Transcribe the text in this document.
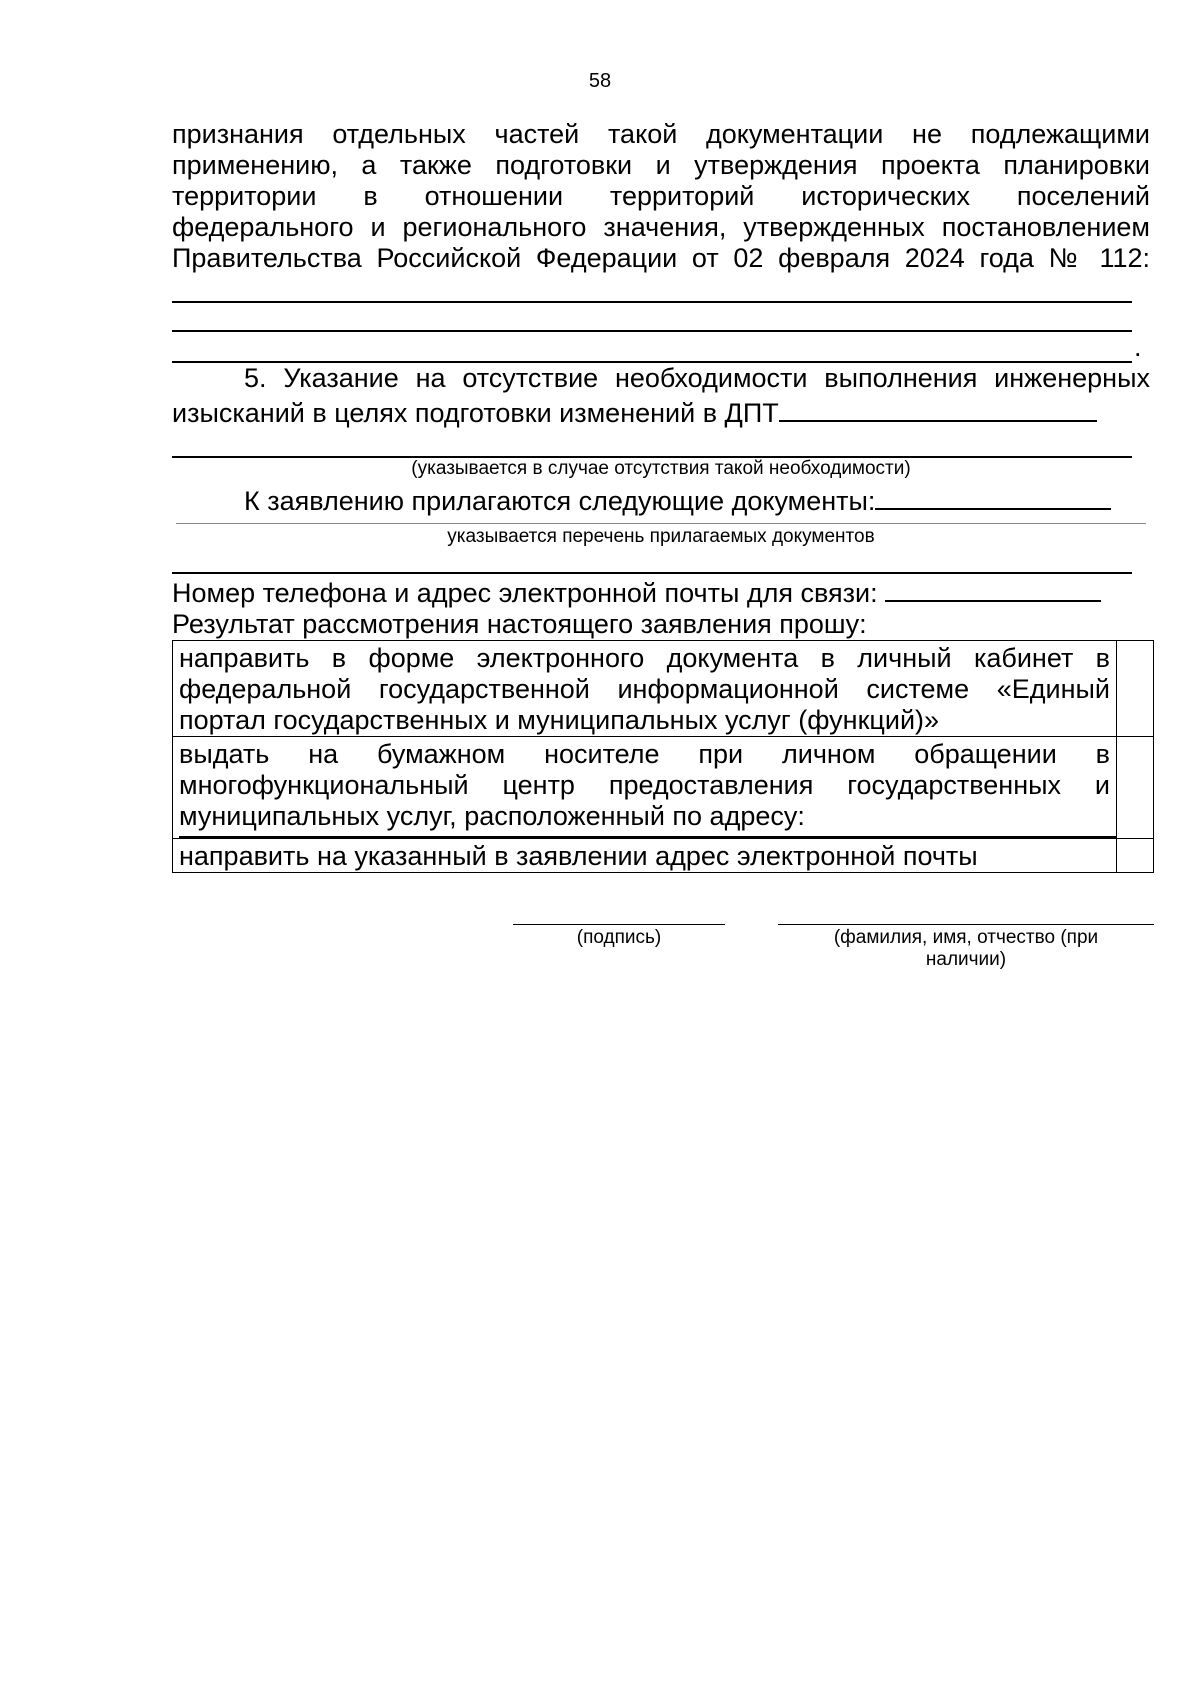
58
признания отдельных частей такой документации не подлежащими
применению, а также подготовки и утверждения проекта планировки
территории в отношении территорий исторических поселений
федерального и регионального значения, утвержденных постановлением
Правительства Российской Федерации от 02 февраля 2024 года № 112:
.
5. Указание на отсутствие необходимости выполнения инженерных
изысканий в целях подготовки изменений в ДПТ
(указывается в случае отсутствия такой необходимости)
К заявлению прилагаются следующие документы:
указывается перечень прилагаемых документов
Номер телефона и адрес электронной почты для связи:
Результат рассмотрения настоящего заявления прошу:
направить в форме электронного документа в личный кабинет в федеральной государственной информационной системе «Единый портал государственных и муниципальных услуг (функций)»	

выдать на бумажном носителе при личном обращении в многофункциональный центр предоставления государственных и муниципальных услуг, расположенный по адресу:	

направить на указанный в заявлении адрес электронной почты	
(подпись)	(фамилия, имя, отчество (при наличии)
